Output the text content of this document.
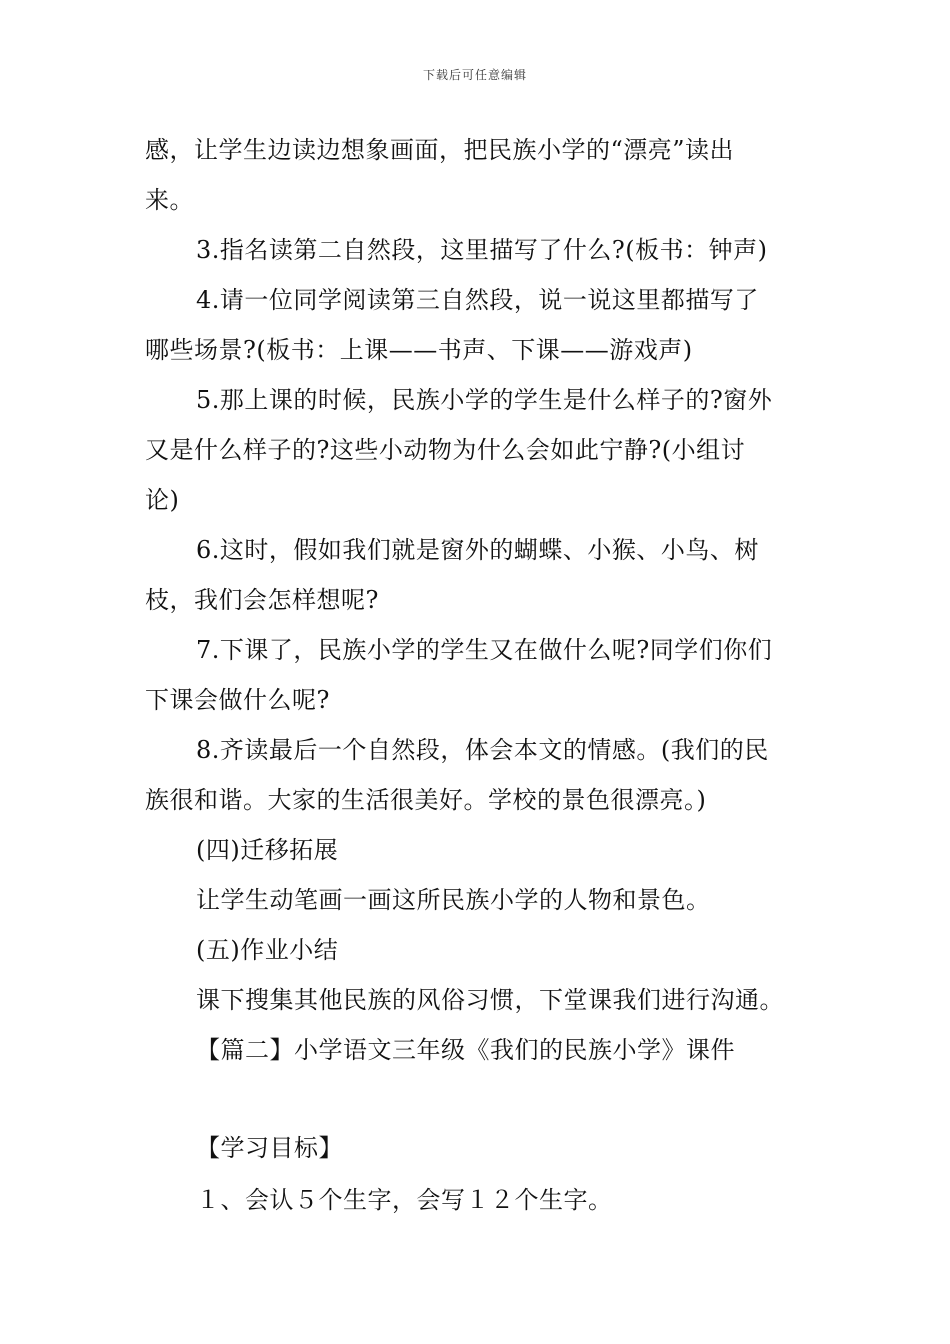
下载后可任意编辑
感，让学生边读边想象画面，把民族小学的“漂亮”读出
来。
3.指名读第二自然段，这里描写了什么?(板书：钟声)
4.请一位同学阅读第三自然段，说一说这里都描写了
哪些场景?(板书：上课——书声、下课——游戏声)
5.那上课的时候，民族小学的学生是什么样子的?窗外
又是什么样子的?这些小动物为什么会如此宁静?(小组讨
论)
6.这时，假如我们就是窗外的蝴蝶、小猴、小鸟、树
枝，我们会怎样想呢?
7.下课了，民族小学的学生又在做什么呢?同学们你们
下课会做什么呢?
8.齐读最后一个自然段，体会本文的情感。(我们的民
族很和谐。大家的生活很美好。学校的景色很漂亮。)
(四)迁移拓展
让学生动笔画一画这所民族小学的人物和景色。
(五)作业小结
课下搜集其他民族的风俗习惯，下堂课我们进行沟通。
【篇二】小学语文三年级《我们的民族小学》课件
【学习目标】
１、会认５个生字，会写１２个生字。
